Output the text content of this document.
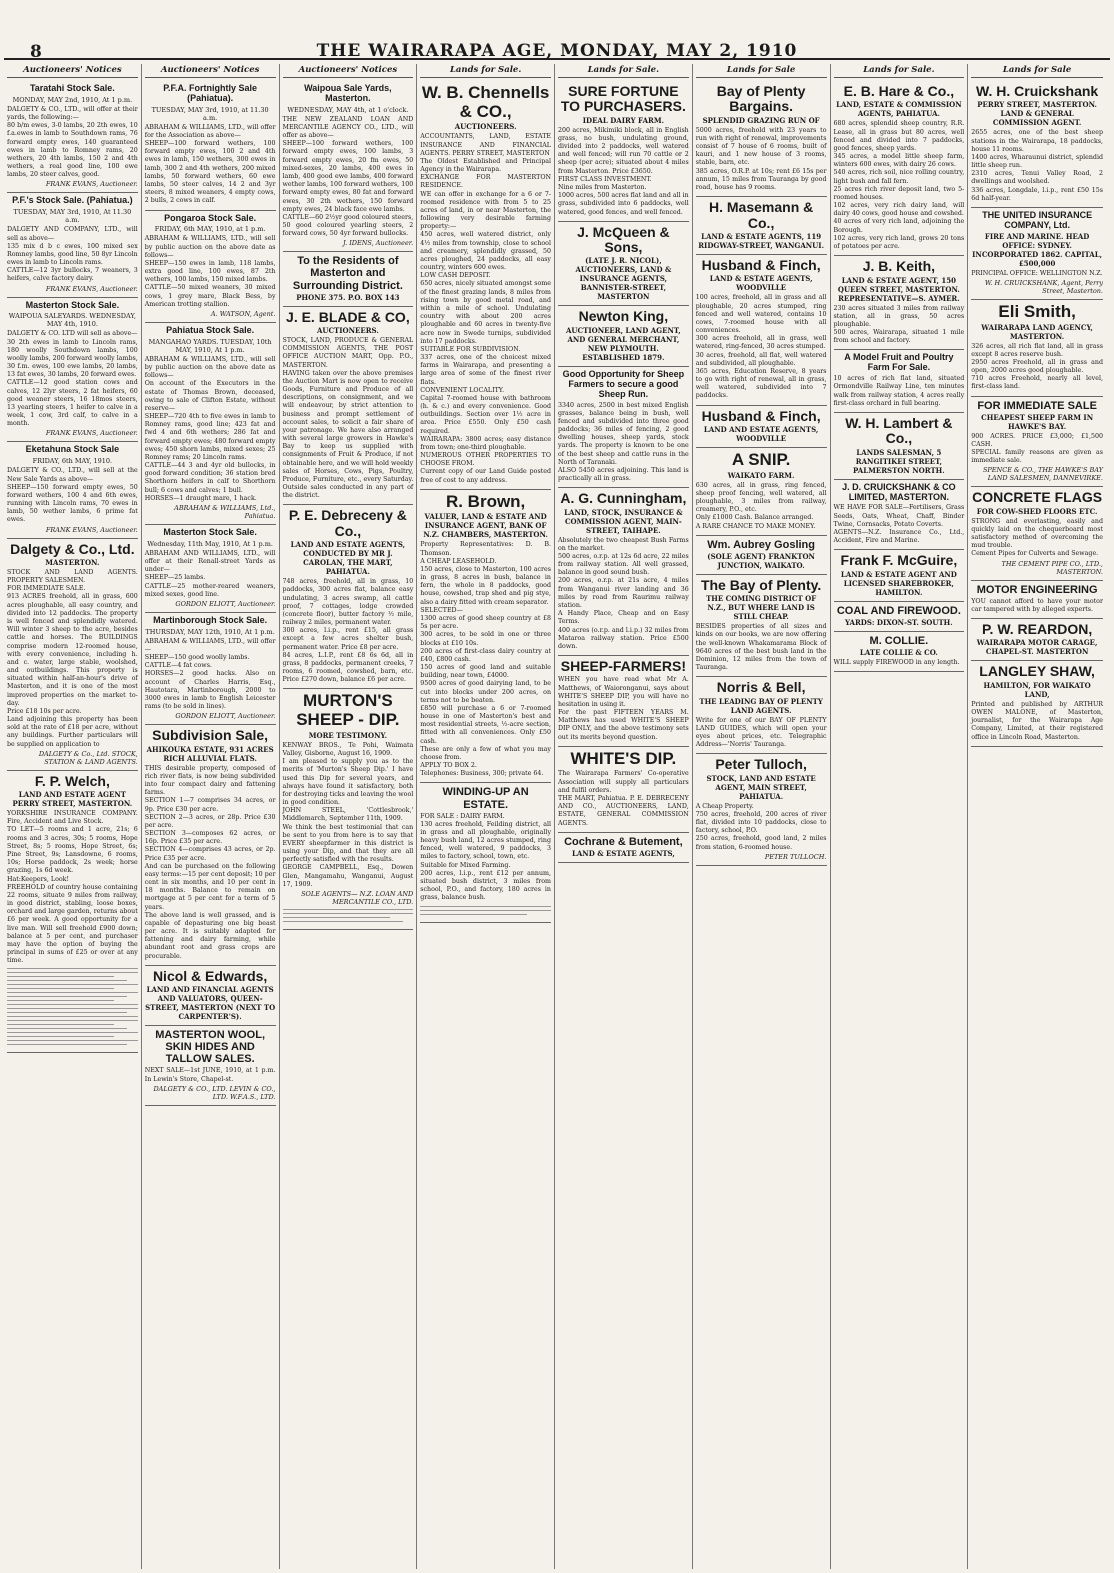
8	THE WAIRARAPA AGE, MONDAY, MAY 2, 1910
Auctioneers' Notices
Taratahi Stock Sale.
MONDAY, MAY 2nd, 1910, At 1 p.m.
DALGETY & CO., LTD., will offer at their yards, the following:—
80 b/m ewes, 3-0 lambs, 20 2th ewes, 10 f.a.ewes in lamb to Southdown rams, 76 forward empty ewes, 140 guaranteed ewes in lamb to Romney rams, 20 wethers, 20 4th lambs, 150 2 and 4th wethers, a real good line, 100 ewe lambs, 20 steer calves, good.
FRANK EVANS, Auctioneer.
P.F.'s Stock Sale. (Pahiatua.)
TUESDAY, MAY 3rd, 1910, At 11.30 a.m.
DALGETY AND COMPANY, LTD., will sell as above—
135 mix d b c ewes, 100 mixed sex Romney lambs, good line, 50 8yr Lincoln ewes in lamb to Lincoln rams.
CATTLE—12 3yr bullocks, 7 weaners, 3 heifers, calve factory dairy.
FRANK EVANS, Auctioneer.
Masterton Stock Sale.
WAIPOUA SALEYARDS. WEDNESDAY, MAY 4th, 1910.
DALGETY & CO. LTD will sell as above—
30 2th ewes in lamb to Lincoln rams, 180 woolly Southdown lambs, 100 woolly lambs, 200 forward woolly lambs, 30 f.m. ewes, 100 ewe lambs, 20 lambs, 13 fat ewes, 30 lambs, 20 forward ewes.
CATTLE—12 good station cows and calves, 12 2lyr steers, 2 fat heifers, 60 good weaner steers, 16 18mos steers, 13 yearling steers, 1 heifer to calve in a week, 1 cow, 3rd calf, to calve in a month.
FRANK EVANS, Auctioneer.
Eketahuna Stock Sale
FRIDAY, 6th MAY, 1910.
DALGETY & CO., LTD., will sell at the New Sale Yards as above—
SHEEP—150 forward empty ewes, 50 forward wethers, 100 4 and 6th ewes, running with Lincoln rams, 70 ewes in lamb, 50 wether lambs, 6 prime fat ewes.
FRANK EVANS, Auctioneer.
Dalgety & Co., Ltd.
MASTERTON.
STOCK AND LAND AGENTS. PROPERTY SALESMEN.
FOR IMMEDIATE SALE.
913 ACRES freehold, all in grass, 600 acres ploughable, all easy country, and divided into 12 paddocks. The property is well fenced and splendidly watered. Will winter 3 sheep to the acre, besides cattle and horses. The BUILDINGS comprise modern 12-roomed house, with every convenience, including h. and c. water, large stable, woolshed, and outbuildings. This property is situated within half-an-hour's drive of Masterton, and it is one of the most improved properties on the market to-day.
Price £18 10s per acre.
Land adjoining this property has been sold at the rate of £18 per acre, without any buildings. Further particulars will be supplied on application to
DALGETY & Co., Ltd. STOCK, STATION & LAND AGENTS.
F. P. Welch,
LAND AND ESTATE AGENT PERRY STREET, MASTERTON.
YORKSHIRE INSURANCE COMPANY. Fire, Accident and Live Stock.
TO LET—5 rooms and 1 acre, 21s; 6 rooms and 3 acres, 30s; 5 rooms, Hope Street, 8s; 5 rooms, Hope Street, 6s; Pine Street, 9s; Lansdowne, 6 rooms, 10s; Horse paddock, 2s week; horse grazing, 1s 6d week.
Hat:Keepers, Look!
FREEHOLD of country house containing 22 rooms, situate 9 miles from railway, in good district, stabling, loose boxes, orchard and large garden, returns about £6 per week. A good opportunity for a live man. Will sell freehold £900 down; balance at 5 per cent, and purchaser may have the option of buying the principal in sums of £25 or over at any time.
Auctioneers' Notices
P.F.A. Fortnightly Sale (Pahiatua).
TUESDAY, MAY 3rd, 1910, at 11.30 a.m.
ABRAHAM & WILLIAMS, LTD., will offer for the Association as above—
SHEEP—100 forward wethers, 100 forward empty ewes, 100 2 and 4th ewes in lamb, 150 wethers, 300 ewes in lamb, 300 2 and 4th wethers, 200 mixed lambs, 50 forward wethers, 60 ewe lambs, 50 steer calves, 14 2 and 3yr steers, 8 mixed weaners, 4 empty cows, 2 bulls, 2 cows in calf.
Pongaroa Stock Sale.
FRIDAY, 6th MAY, 1910, at 1 p.m.
ABRAHAM & WILLIAMS, LTD., will sell by public auction on the above date as follows—
SHEEP—150 ewes in lamb, 118 lambs, extra good line, 100 ewes, 87 2th wethers, 100 lambs, 150 mixed lambs.
CATTLE—50 mixed weaners, 30 mixed cows, 1 grey mare, Black Bess, by American trotting stallion.
A. WATSON, Agent.
Pahiatua Stock Sale.
MANGAHAO YARDS. TUESDAY, 10th MAY, 1910, At 1 p.m.
ABRAHAM & WILLIAMS, LTD., will sell by public auction on the above date as follows—
On account of the Executors in the estate of Thomas Brown, deceased, owing to sale of Clifton Estate, without reserve—
SHEEP—720 4th to five ewes in lamb to Romney rams, good line; 423 fat and fwd 4 and 6th wethers; 286 fat and forward empty ewes; 480 forward empty ewes; 450 shorn lambs, mixed sexes; 25 Romney rams; 20 Lincoln rams.
CATTLE—44 3 and 4yr old bullocks, in good forward condition; 36 station bred Shorthorn heifers in calf to Shorthorn bull; 6 cows and calves; 1 bull.
HORSES—1 draught mare, 1 hack.
ABRAHAM & WILLIAMS, Ltd., Pahiatua.
Masterton Stock Sale.
Wednesday, 11th May, 1910, At 1 p.m.
ABRAHAM AND WILLIAMS, LTD., will offer at their Renall-street Yards as under—
SHEEP—25 lambs.
CATTLE—25 mother-reared weaners, mixed sexes, good line.
GORDON ELIOTT, Auctioneer.
Martinborough Stock Sale.
THURSDAY, MAY 12th, 1910, At 1 p.m.
ABRAHAM & WILLIAMS, LTD., will offer—
SHEEP—150 good woolly lambs.
CATTLE—4 fat cows.
HORSES—2 good hacks. Also on account of Charles Harris, Esq., Hautotara, Martinborough, 2000 to 3000 ewes in lamb to English Leicester rams (to be sold in lines).
GORDON ELIOTT, Auctioneer.
Subdivision Sale,
AHIKOUKA ESTATE, 931 ACRES RICH ALLUVIAL FLATS.
THIS desirable property, composed of rich river flats, is now being subdivided into four compact dairy and fattening farms.
SECTION 1—7 comprises 34 acres, or 9p. Price £30 per acre.
SECTION 2—3 acres, or 28p. Price £30 per acre.
SECTION 3—composes 62 acres, or 16p. Price £35 per acre.
SECTION 4—comprises 43 acres, or 2p. Price £35 per acre.
And can be purchased on the following easy terms:—15 per cent deposit; 10 per cent in six months, and 10 per cent in 18 months. Balance to remain on mortgage at 5 per cent for a term of 5 years.
The above land is well grassed, and is capable of depasturing one big beast per acre. It is suitably adapted for fattening and dairy farming, while abundant root and grass crops are procurable.
Nicol & Edwards,
LAND AND FINANCIAL AGENTS AND VALUATORS, QUEEN-STREET, MASTERTON (NEXT TO CARPENTER'S).
MASTERTON WOOL, SKIN HIDES AND TALLOW SALES.
NEXT SALE—1st JUNE, 1910, at 1 p.m. In Lewin's Store, Chapel-st.
DALGETY & CO., LTD. LEVIN & CO., LTD. W.F.A.S., LTD.
Auctioneers' Notices
Waipoua Sale Yards, Masterton.
WEDNESDAY, MAY 4th, at 1 o'clock.
THE NEW ZEALAND LOAN AND MERCANTILE AGENCY CO., LTD., will offer as above—
SHEEP—100 forward wethers, 100 forward empty ewes, 100 lambs, 3 forward empty ewes, 20 fm ewes, 50 mixed-sexes, 20 lambs, 400 ewes in lamb, 400 good ewe lambs, 400 forward wether lambs, 100 forward wethers, 100 forward empty ewes, 80 fat and forward ewes, 30 2th wethers, 150 forward empty ewes, 24 black face ewe lambs.
CATTLE—60 2½yr good coloured steers, 50 good coloured yearling steers, 2 forward cows, 50 4yr forward bullocks.
J. IDENS, Auctioneer.
To the Residents of Masterton and Surrounding District.
PHONE 375. P.O. BOX 143
J. E. BLADE & CO,
AUCTIONEERS.
STOCK, LAND, PRODUCE & GENERAL COMMISSION AGENTS, THE POST OFFICE AUCTION MART, Opp. P.O., MASTERTON.
HAVING taken over the above premises the Auction Mart is now open to receive Goods, Furniture and Produce of all descriptions, on consignment, and we will endeavour, by strict attention to business and prompt settlement of account sales, to solicit a fair share of your patronage. We have also arranged with several large growers in Hawke's Bay to keep us supplied with consignments of Fruit & Produce, if not obtainable here, and we will hold weekly sales of Horses, Cows, Pigs, Poultry, Produce, Furniture, etc., every Saturday. Outside sales conducted in any part of the district.
P. E. Debreceny & Co.,
LAND AND ESTATE AGENTS, CONDUCTED BY MR J. CAROLAN, THE MART, PAHIATUA.
748 acres, freehold, all in grass, 10 paddocks, 300 acres flat, balance easy undulating, 3 acres swamp, all cattle proof, 7 cottages, lodge crowded (concrete floor), butter factory ½ mile, railway 2 miles, permanent water.
300 acres, l.i.p., rent £15, all grass except a few acres shelter bush, permanent water. Price £8 per acre.
84 acres, L.I.P., rent £8 6s 6d, all in grass, 8 paddocks, permanent creeks, 7 rooms, 6 roomed, cowshed, barn, etc. Price £270 down, balance £6 per acre.
MURTON'S SHEEP - DIP.
MORE TESTIMONY.
KENWAY BROS., Te Pohi, Waimata Valley, Gisborne, August 16, 1909.
I am pleased to supply you as to the merits of 'Murton's Sheep Dip.' I have used this Dip for several years, and always have found it satisfactory, both for destroying ticks and leaving the wool in good condition.
JOHN STEEL, 'Cottlesbrook,' Middlemarch, September 11th, 1909.
We think the best testimonial that can be sent to you from here is to say that EVERY sheepfarmer in this district is using your Dip, and that they are all perfectly satisfied with the results.
GEORGE CAMPBELL, Esq., Dowen Glen, Mangamahu, Wanganui, August 17, 1909.
SOLE AGENTS— N.Z. LOAN AND MERCANTILE CO., LTD.
Lands for Sale.
W. B. Chennells & CO.,
AUCTIONEERS.
ACCOUNTANTS, LAND, ESTATE INSURANCE AND FINANCIAL AGENTS. PERRY STREET, MASTERTON
The Oldest Established and Principal Agency in the Wairarapa.
EXCHANGE FOR MASTERTON RESIDENCE.
WE can offer in exchange for a 6 or 7-roomed residence with from 5 to 25 acres of land, in or near Masterton, the following very desirable farming property:—
450 acres, well watered district, only 4½ miles from township, close to school and creamery, splendidly grassed, 50 acres ploughed, 24 paddocks, all easy country, winters 600 ewes.
LOW CASH DEPOSIT.
650 acres, nicely situated amongst some of the finest grazing lands, 8 miles from rising town by good metal road, and within a mile of school. Undulating country with about 200 acres ploughable and 60 acres in twenty-five acre now in Swede turnips, subdivided into 17 paddocks.
SUITABLE FOR SUBDIVISION.
337 acres, one of the choicest mixed farms in Wairarapa, and presenting a large area of some of the finest river flats.
CONVENIENT LOCALITY.
Capital 7-roomed house with bathroom (h. & c.) and every convenience. Good outbuildings. Section over 1½ acre in area. Price £550. Only £50 cash required.
WAIRARAPA: 3800 acres; easy distance from town; one-third ploughable.
NUMEROUS OTHER PROPERTIES TO CHOOSE FROM.
Current copy of our Land Guide posted free of cost to any address.
R. Brown,
VALUER, LAND & ESTATE AND INSURANCE AGENT, BANK OF N.Z. CHAMBERS, MASTERTON.
Property Representatives: D. B. Thomson.
A CHEAP LEASEHOLD.
150 acres, close to Masterton, 100 acres in grass, 8 acres in bush, balance in fern, the whole in 8 paddocks, good house, cowshed, trap shed and pig stye, also a dairy fitted with cream separator.
SELECTED—
1300 acres of good sheep country at £8 5s per acre.
300 acres, to be sold in one or three blocks at £10 10s.
200 acres of first-class dairy country at £40, £800 cash.
150 acres of good land and suitable building, near town, £4000.
9500 acres of good dairying land, to be cut into blocks under 200 acres, on terms not to be beaten.
£850 will purchase a 6 or 7-roomed house in one of Masterton's best and most residential streets, ½-acre section, fitted with all conveniences. Only £50 cash.
These are only a few of what you may choose from.
APPLY TO BOX 2.
Telephones: Business, 300; private 64.
WINDING-UP AN ESTATE.
FOR SALE : DAIRY FARM.
130 acres freehold, Feilding district, all in grass and all ploughable, originally heavy bush land, 12 acres stumped, ring fenced, well watered, 9 paddocks, 3 miles to factory, school, town, etc.
Suitable for Mixed Farming.
200 acres, l.i.p., rent £12 per annum, situated bush district, 3 miles from school, P.O., and factory, 180 acres in grass, balance bush.
Lands for Sale.
SURE FORTUNE TO PURCHASERS.
IDEAL DAIRY FARM.
200 acres, Mikimiki block, all in English grass, no bush, undulating ground, divided into 2 paddocks, well watered and well fenced; will run 70 cattle or 2 sheep (per acre); situated about 4 miles from Masterton. Price £3650.
FIRST CLASS INVESTMENT.
Nine miles from Masterton.
1000 acres, 500 acres flat land and all in grass, subdivided into 6 paddocks, well watered, good fences, and well fenced.
J. McQueen & Sons,
(LATE J. R. NICOL), AUCTIONEERS, LAND & INSURANCE AGENTS, BANNISTER-STREET, MASTERTON
Newton King,
AUCTIONEER, LAND AGENT, AND GENERAL MERCHANT, NEW PLYMOUTH. ESTABLISHED 1879.
Good Opportunity for Sheep Farmers to secure a good Sheep Run.
3340 acres, 2500 in best mixed English grasses, balance being in bush, well fenced and subdivided into three good paddocks; 36 miles of fencing, 2 good dwelling houses, sheep yards, stock yards. The property is known to be one of the best sheep and cattle runs in the North of Taranaki.
ALSO 5450 acres adjoining. This land is practically all in grass.
A. G. Cunningham,
LAND, STOCK, INSURANCE & COMMISSION AGENT, MAIN-STREET, TAIHAPE.
Absolutely the two cheapest Bush Farms on the market.
500 acres, o.r.p. at 12s 6d acre, 22 miles from railway station. All well grassed, balance in good sound bush.
200 acres, o.r.p. at 21s acre, 4 miles from Wanganui river landing and 36 miles by road from Raurimu railway station.
A Handy Place, Cheap and on Easy Terms.
400 acres (o.r.p. and l.i.p.) 32 miles from Mataroa railway station. Price £500 down.
SHEEP-FARMERS!
WHEN you have read what Mr A. Matthews, of Waioronganui, says about WHITE'S SHEEP DIP, you will have no hesitation in using it.
For the past FIFTEEN YEARS M. Matthews has used WHITE'S SHEEP DIP ONLY, and the above testimony sets out its merits beyond question.
WHITE'S DIP.
The Wairarapa Farmers' Co-operative Association will supply all particulars and fulfil orders.
THE MART, Pahiatua. P. E. DEBRECENY AND CO., AUCTIONEERS, LAND, ESTATE, GENERAL COMMISSION AGENTS.
Cochrane & Butement,
LAND & ESTATE AGENTS,
Lands for Sale
Bay of Plenty Bargains.
SPLENDID GRAZING RUN OF
5000 acres, freehold with 23 years to run with right of renewal, improvements consist of 7 house of 6 rooms, built of kauri, and 1 new house of 3 rooms, stable, barn, etc.
385 acres, O.R.P. at 10s; rent £6 15s per annum, 15 miles from Tauranga by good road, house has 9 rooms.
H. Masemann & Co.,
LAND & ESTATE AGENTS, 119 RIDGWAY-STREET, WANGANUI.
Husband & Finch,
LAND & ESTATE AGENTS, WOODVILLE
100 acres, freehold, all in grass and all ploughable, 20 acres stumped, ring fenced and well watered, contains 10 cows, 7-roomed house with all conveniences.
300 acres freehold, all in grass, well watered, ring-fenced, 30 acres stumped.
30 acres, freehold, all flat, well watered and subdivided, all ploughable.
365 acres, Education Reserve, 8 years to go with right of renewal, all in grass, well watered, subdivided into 7 paddocks.
Husband & Finch,
LAND AND ESTATE AGENTS, WOODVILLE
A SNIP.
WAIKATO FARM.
630 acres, all in grass, ring fenced, sheep proof fencing, well watered, all ploughable, 3 miles from railway, creamery, P.O., etc.
Only £1000 Cash. Balance arranged.
A RARE CHANCE TO MAKE MONEY.
Wm. Aubrey Gosling
(SOLE AGENT) FRANKTON JUNCTION, WAIKATO.
The Bay of Plenty.
THE COMING DISTRICT OF N.Z., BUT WHERE LAND IS STILL CHEAP.
BESIDES properties of all sizes and kinds on our books, we are now offering the well-known Whakamarama Block of 9640 acres of the best bush land in the Dominion, 12 miles from the town of Tauranga.
Norris & Bell,
THE LEADING BAY OF PLENTY LAND AGENTS.
Write for one of our BAY OF PLENTY LAND GUIDES, which will open your eyes about prices, etc. Telegraphic Address—'Norris' Tauranga.
Peter Tulloch,
STOCK, LAND AND ESTATE AGENT, MAIN STREET, PAHIATUA.
A Cheap Property.
750 acres, freehold, 200 acres of river flat, divided into 10 paddocks, close to factory, school, P.O.
250 acres, freehold, good land, 2 miles from station, 6-roomed house.
PETER TULLOCH.
Lands for Sale.
E. B. Hare & Co.,
LAND, ESTATE & COMMISSION AGENTS, PAHIATUA.
680 acres, splendid sheep country, R.R. Lease, all in grass but 80 acres, well fenced and divided into 7 paddocks, good fences, sheep yards.
345 acres, a model little sheep farm, winters 600 ewes, with dairy 26 cows.
540 acres, rich soil, nice rolling country, light bush and fall fern.
25 acres rich river deposit land, two 5-roomed houses.
102 acres, very rich dairy land, will dairy 40 cows, good house and cowshed.
40 acres of very rich land, adjoining the Borough.
102 acres, very rich land, grows 20 tons of potatoes per acre.
J. B. Keith,
LAND & ESTATE AGENT, 150 QUEEN STREET, MASTERTON. REPRESENTATIVE—S. AYMER.
230 acres situated 3 miles from railway station, all in grass, 50 acres ploughable.
500 acres, Wairarapa, situated 1 mile from school and factory.
A Model Fruit and Poultry Farm For Sale.
10 acres of rich flat land, situated Ormondville Railway Line, ten minutes walk from railway station, 4 acres really first-class orchard in full bearing.
W. H. Lambert & Co.,
LANDS SALESMAN, 5 RANGITIKEI STREET, PALMERSTON NORTH.
J. D. CRUICKSHANK & CO LIMITED, MASTERTON.
WE HAVE FOR SALE—Fertilisers, Grass Seeds, Oats, Wheat, Chaff, Binder Twine, Cornsacks, Potato Coverts.
AGENTS—N.Z. Insurance Co., Ltd., Accident, Fire and Marine.
Frank F. McGuire,
LAND & ESTATE AGENT AND LICENSED SHAREBROKER, HAMILTON.
COAL AND FIREWOOD.
YARDS: DIXON-ST. SOUTH.
M. COLLIE.
LATE COLLIE & CO.
WILL supply FIREWOOD in any length.
Lands for Sale
W. H. Cruickshank
PERRY STREET, MASTERTON. LAND & GENERAL COMMISSION AGENT.
2655 acres, one of the best sheep stations in the Wairarapa, 18 paddocks, house 11 rooms.
1400 acres, Wharaunui district, splendid little sheep run.
2310 acres, Tenui Valley Road, 2 dwellings and woolshed.
336 acres, Longdale, l.i.p., rent £50 15s 6d half-year.
THE UNITED INSURANCE COMPANY, Ltd.
FIRE AND MARINE. HEAD OFFICE: SYDNEY. INCORPORATED 1862. CAPITAL, £500,000
PRINCIPAL OFFICE: WELLINGTON N.Z.
W. H. CRUICKSHANK, Agent, Perry Street, Masterton.
Eli Smith,
WAIRARAPA LAND AGENCY, MASTERTON.
326 acres, all rich flat land, all in grass except 8 acres reserve bush.
2950 acres Freehold, all in grass and open, 2000 acres good ploughable.
710 acres Freehold, nearly all level, first-class land.
FOR IMMEDIATE SALE
CHEAPEST SHEEP FARM IN HAWKE'S BAY.
900 ACRES. PRICE £3,000; £1,500 CASH.
SPECIAL family reasons are given as immediate sale.
SPENCE & CO., THE HAWKE'S BAY LAND SALESMEN, DANNEVIRKE.
CONCRETE FLAGS
FOR COW-SHED FLOORS ETC.
STRONG and everlasting, easily and quickly laid on the chequerboard most satisfactory method of overcoming the mud trouble.
Cement Pipes for Culverts and Sewage.
THE CEMENT PIPE CO., LTD., MASTERTON.
MOTOR ENGINEERING
YOU cannot afford to have your motor car tampered with by alleged experts.
P. W. REARDON,
WAIRARAPA MOTOR CARAGE, CHAPEL-ST. MASTERTON
LANGLEY SHAW,
HAMILTON, FOR WAIKATO LAND,
Printed and published by ARTHUR OWEN MALONE, of Masterton, journalist, for the Wairarapa Age Company, Limited, at their registered office in Lincoln Road, Masterton.
